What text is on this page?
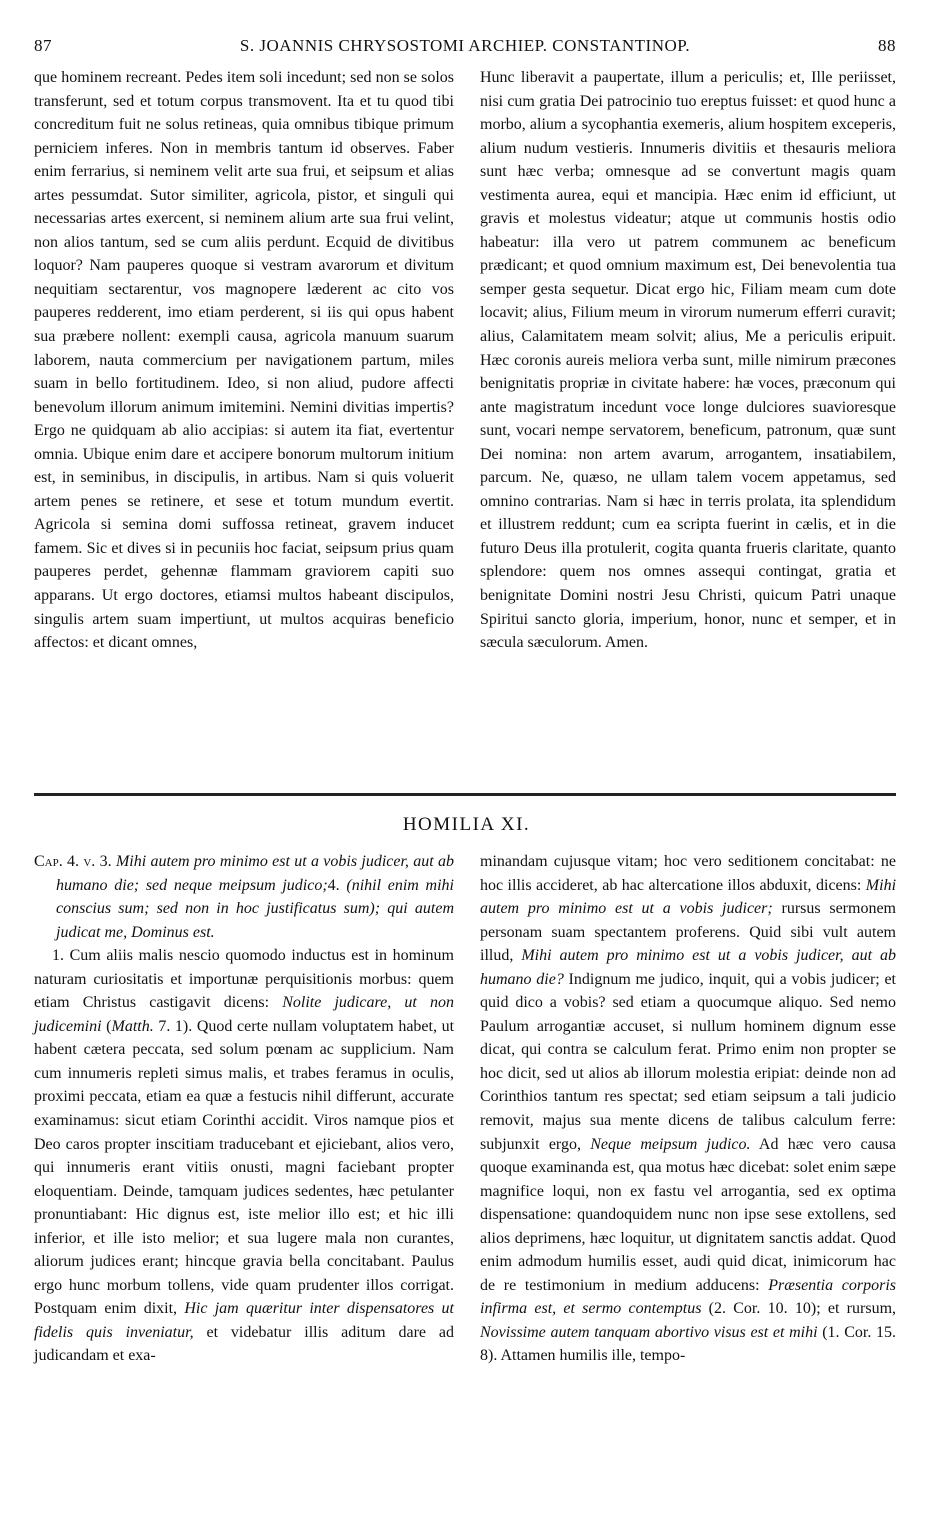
87	S. JOANNIS CHRYSOSTOMI ARCHIEP. CONSTANTINOP.	88

que hominem recreant. Pedes item soli incedunt; sed non se solos transferunt, sed et totum corpus transmovent. Ita et tu quod tibi concreditum fuit ne solus retineas, quia omnibus tibique primum perniciem inferes. Non in membris tantum id observes. Faber enim ferrarius, si neminem velit arte sua frui, et seipsum et alias artes pessumdat. Sutor similiter, agricola, pistor, et singuli qui necessarias artes exercent, si neminem alium arte sua frui velint, non alios tantum, sed se cum aliis perdunt. Ecquid de divitibus loquor? Nam pauperes quoque si vestram avarorum et divitum nequitiam sectarentur, vos magnopere læderent ac cito vos pauperes redderent, imo etiam perderent, si iis qui opus habent sua præbere nollent: exempli causa, agricola manuum suarum laborem, nauta commercium per navigationem partum, miles suam in bello fortitudinem. Ideo, si non aliud, pudore affecti benevolum illorum animum imitemini. Nemini divitias impertis? Ergo ne quidquam ab alio accipias: si autem ita fiat, evertentur omnia. Ubique enim dare et accipere bonorum multorum initium est, in seminibus, in discipulis, in artibus. Nam si quis voluerit artem penes se retinere, et sese et totum mundum evertit. Agricola si semina domi suffossa retineat, gravem inducet famem. Sic et dives si in pecuniis hoc faciat, seipsum prius quam pauperes perdet, gehennæ flammam graviorem capiti suo apparans. Ut ergo doctores, etiamsi multos habeant discipulos, singulis artem suam impertiunt, ut multos acquiras beneficio affectos: et dicant omnes,

Hunc liberavit a paupertate, illum a periculis; et, Ille periisset, nisi cum gratia Dei patrocinio tuo ereptus fuisset: et quod hunc a morbo, alium a sycophantia exemeris, alium hospitem exceperis, alium nudum vestieris. Innumeris divitiis et thesauris meliora sunt hæc verba; omnesque ad se convertunt magis quam vestimenta aurea, equi et mancipia. Hæc enim id efficiunt, ut gravis et molestus videatur; atque ut communis hostis odio habeatur: illa vero ut patrem communem ac beneficum prædicant; et quod omnium maximum est, Dei benevolentia tua semper gesta sequetur. Dicat ergo hic, Filiam meam cum dote locavit; alius, Filium meum in virorum numerum efferri curavit; alius, Calamitatem meam solvit; alius, Me a periculis eripuit. Hæc coronis aureis meliora verba sunt, mille nimirum præcones benignitatis propriæ in civitate habere: hæ voces, præconum qui ante magistratum incedunt voce longe dulciores suavioresque sunt, vocari nempe servatorem, beneficum, patronum, quæ sunt Dei nomina: non artem avarum, arrogantem, insatiabilem, parcum. Ne, quæso, ne ullam talem vocem appetamus, sed omnino contrarias. Nam si hæc in terris prolata, ita splendidum et illustrem reddunt; cum ea scripta fuerint in cælis, et in die futuro Deus illa protulerit, cogita quanta frueris claritate, quanto splendore: quem nos omnes assequi contingat, gratia et benignitate Domini nostri Jesu Christi, quicum Patri unaque Spiritui sancto gloria, imperium, honor, nunc et semper, et in sæcula sæculorum. Amen.

HOMILIA XI.

Cap. 4. v. 3. Mihi autem pro minimo est ut a vobis judicer, aut ab humano die; sed neque meipsum judico;4. (nihil enim mihi conscius sum; sed non in hoc justificatus sum); qui autem judicat me, Dominus est.

1. Cum aliis malis nescio quomodo inductus est in hominum naturam curiositatis et importunæ perquisitionis morbus: quem etiam Christus castigavit dicens: Nolite judicare, ut non judicemini (Matth. 7. 1). Quod certe nullam voluptatem habet, ut habent cætera peccata, sed solum pœnam ac supplicium. Nam cum innumeris repleti simus malis, et trabes feramus in oculis, proximi peccata, etiam ea quæ a festucis nihil differunt, accurate examinamus: sicut etiam Corinthi accidit. Viros namque pios et Deo caros propter inscitiam traducebant et ejiciebant, alios vero, qui innumeris erant vitiis onusti, magni faciebant propter eloquentiam. Deinde, tamquam judices sedentes, hæc petulanter pronuntiabant: Hic dignus est, iste melior illo est; et hic illi inferior, et ille isto melior; et sua lugere mala non curantes, aliorum judices erant; hincque gravia bella concitabant. Paulus ergo hunc morbum tollens, vide quam prudenter illos corrigat. Postquam enim dixit, Hic jam quæritur inter dispensatores ut fidelis quis inveniatur, et videbatur illis aditum dare ad judicandam et exa-

minandam cujusque vitam; hoc vero seditionem concitabat: ne hoc illis accideret, ab hac altercatione illos abduxit, dicens: Mihi autem pro minimo est ut a vobis judicer; rursus sermonem personam suam spectantem proferens. Quid sibi vult autem illud, Mihi autem pro minimo est ut a vobis judicer, aut ab humano die? Indignum me judico, inquit, qui a vobis judicer; et quid dico a vobis? sed etiam a quocumque aliquo. Sed nemo Paulum arrogantiæ accuset, si nullum hominem dignum esse dicat, qui contra se calculum ferat. Primo enim non propter se hoc dicit, sed ut alios ab illorum molestia eripiat: deinde non ad Corinthios tantum res spectat; sed etiam seipsum a tali judicio removit, majus sua mente dicens de talibus calculum ferre: subjunxit ergo, Neque meipsum judico. Ad hæc vero causa quoque examinanda est, qua motus hæc dicebat: solet enim sæpe magnifice loqui, non ex fastu vel arrogantia, sed ex optima dispensatione: quandoquidem nunc non ipse sese extollens, sed alios deprimens, hæc loquitur, ut dignitatem sanctis addat. Quod enim admodum humilis esset, audi quid dicat, inimicorum hac de re testimonium in medium adducens: Præsentia corporis infirma est, et sermo contemptus (2. Cor. 10. 10); et rursum, Novissime autem tanquam abortivo visus est et mihi (1. Cor. 15. 8). Attamen humilis ille, tempo-
